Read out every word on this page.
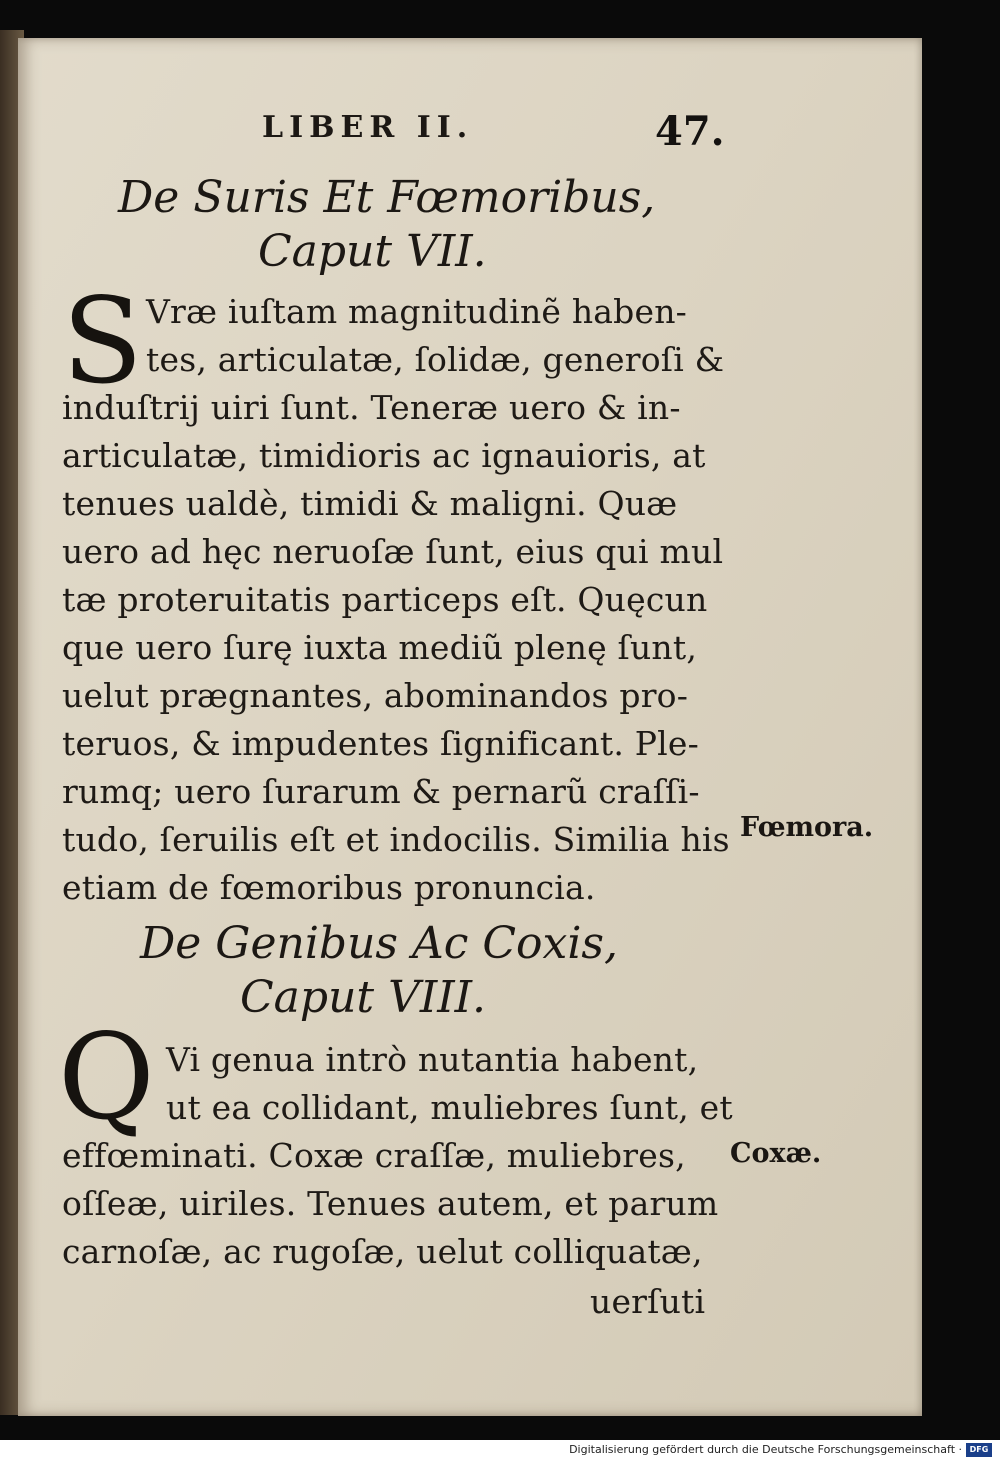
LIBER II.	47.
De Suris Et Fœmoribus,
Caput VII.
S Vræ iuſtam magnitudinẽ haben-
tes, articulatæ, ſolidæ, generoſi &
induſtrij uiri ſunt. Teneræ uero & in-
articulatæ, timidioris ac ignauioris, at
tenues ualdè, timidi & maligni. Quæ
uero ad hęc neruoſæ ſunt, eius qui mul
tæ proteruitatis particeps eſt. Quęcun
que uero ſurę iuxta mediũ plenę ſunt,
uelut prægnantes, abominandos pro-
teruos, & impudentes ſignificant. Ple-
rumq; uero ſurarum & pernarũ craſſi-
tudo, ſeruilis eſt et indocilis. Similia his
etiam de fœmoribus pronuncia.
Fœmora.
De Genibus Ac Coxis,
Caput VIII.
Q Vi genua intrò nutantia habent,
ut ea collidant, muliebres ſunt, et
effœminati. Coxæ craſſæ, muliebres,
oſſeæ, uiriles. Tenues autem, et parum
carnoſæ, ac rugoſæ, uelut colliquatæ,
uerſuti
Coxæ.
Digitalisierung gefördert durch die Deutsche Forschungsgemeinschaft · DFG
